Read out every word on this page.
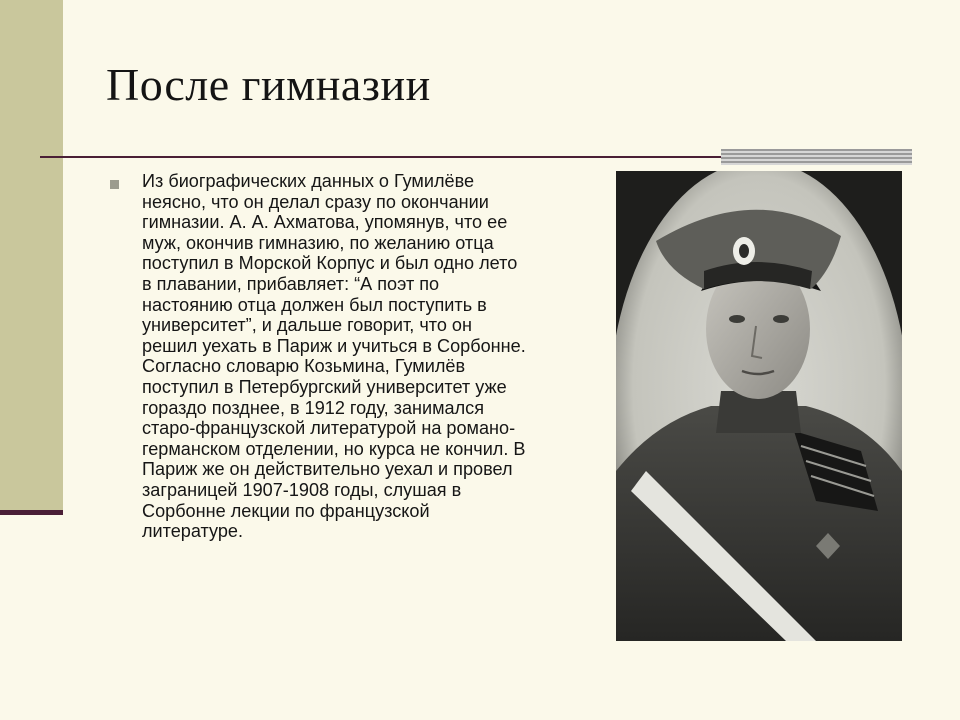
После гимназии

Из биографических данных о Гумилёве
неясно, что он делал сразу по окончании
гимназии. А. А. Ахматова, упомянув, что ее
муж, окончив гимназию, по желанию отца
поступил в Морской Корпус и был одно лето
в плавании, прибавляет: “А поэт по
настоянию отца должен был поступить в
университет”, и дальше говорит, что он
решил уехать в Париж и учиться в Сорбонне.
Согласно словарю Козьмина, Гумилёв
поступил в Петербургский университет уже
гораздо позднее, в 1912 году, занимался
старо-французской литературой на романо-
германском отделении, но курса не кончил. В
Париж же он действительно уехал и провел
заграницей 1907-1908 годы, слушая в
Сорбонне лекции по французской
литературе.
